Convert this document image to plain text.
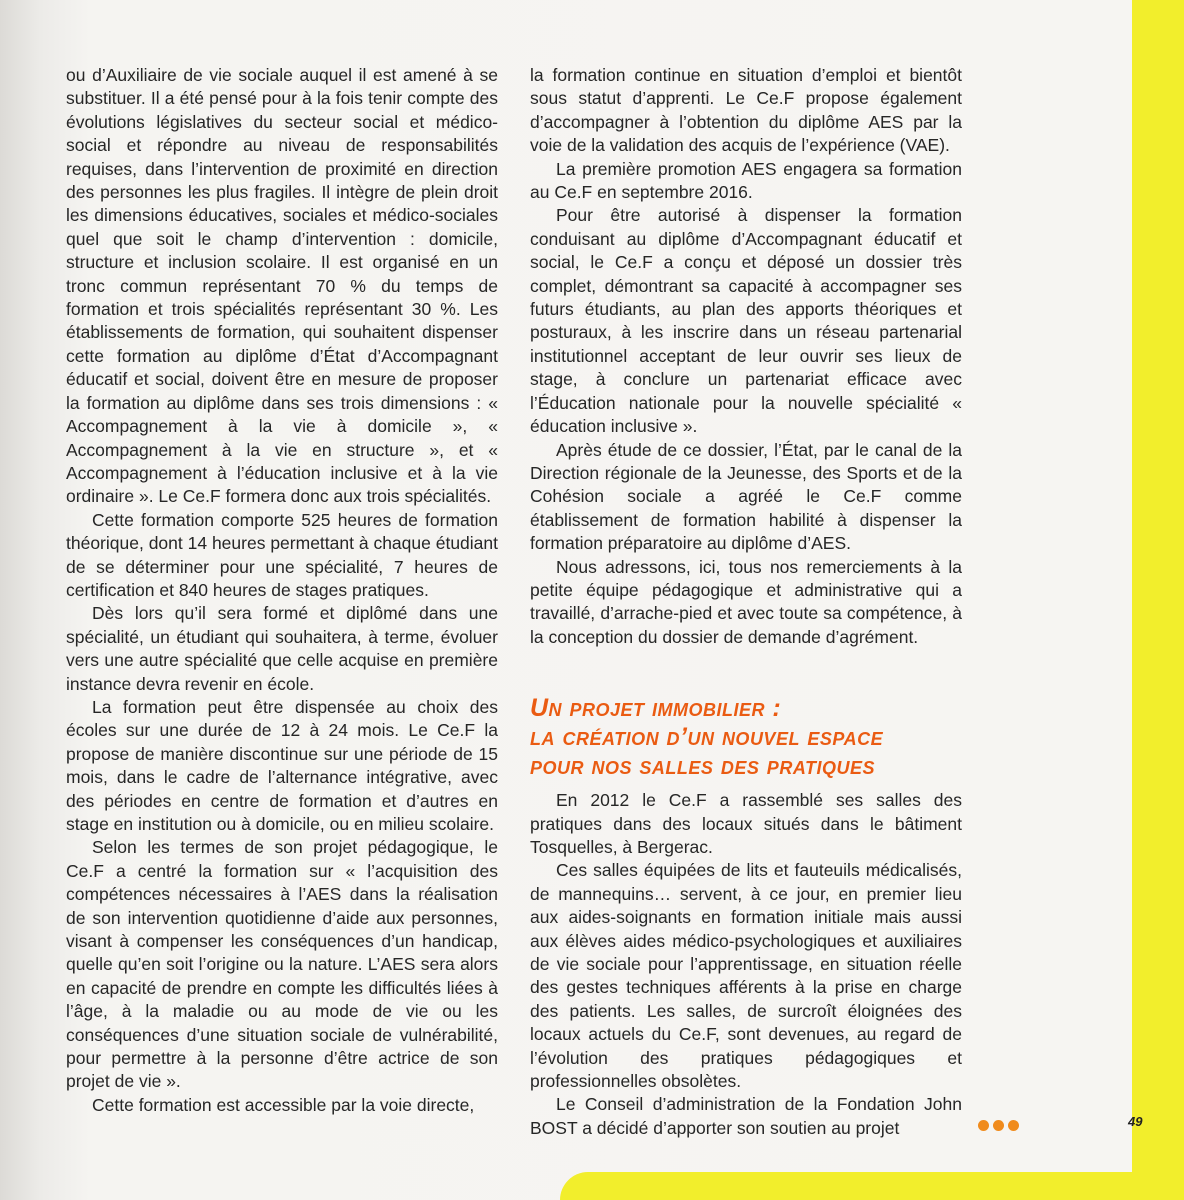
ou d’Auxiliaire de vie sociale auquel il est amené à se substituer. Il a été pensé pour à la fois tenir compte des évolutions législatives du secteur social et médico-social et répondre au niveau de responsabilités requises, dans l’intervention de proximité en direction des personnes les plus fragiles. Il intègre de plein droit les dimensions éducatives, sociales et médico-sociales quel que soit le champ d’intervention : domicile, structure et inclusion scolaire. Il est organisé en un tronc commun représentant 70 % du temps de formation et trois spécialités représentant 30 %. Les établissements de formation, qui souhaitent dispenser cette formation au diplôme d’État d’Accompagnant éducatif et social, doivent être en mesure de proposer la formation au diplôme dans ses trois dimensions : « Accompagnement à la vie à domicile », « Accompagnement à la vie en structure », et « Accompagnement à l’éducation inclusive et à la vie ordinaire ». Le Ce.F formera donc aux trois spécialités.

Cette formation comporte 525 heures de formation théorique, dont 14 heures permettant à chaque étudiant de se déterminer pour une spécialité, 7 heures de certification et 840 heures de stages pratiques.

Dès lors qu’il sera formé et diplômé dans une spécialité, un étudiant qui souhaitera, à terme, évoluer vers une autre spécialité que celle acquise en première instance devra revenir en école.

La formation peut être dispensée au choix des écoles sur une durée de 12 à 24 mois. Le Ce.F la propose de manière discontinue sur une période de 15 mois, dans le cadre de l’alternance intégrative, avec des périodes en centre de formation et d’autres en stage en institution ou à domicile, ou en milieu scolaire.

Selon les termes de son projet pédagogique, le Ce.F a centré la formation sur « l’acquisition des compétences nécessaires à l’AES dans la réalisation de son intervention quotidienne d’aide aux personnes, visant à compenser les conséquences d’un handicap, quelle qu’en soit l’origine ou la nature. L’AES sera alors en capacité de prendre en compte les difficultés liées à l’âge, à la maladie ou au mode de vie ou les conséquences d’une situation sociale de vulnérabilité, pour permettre à la personne d’être actrice de son projet de vie ».

Cette formation est accessible par la voie directe,

la formation continue en situation d’emploi et bientôt sous statut d’apprenti. Le Ce.F propose également d’accompagner à l’obtention du diplôme AES par la voie de la validation des acquis de l’expérience (VAE).

La première promotion AES engagera sa formation au Ce.F en septembre 2016.

Pour être autorisé à dispenser la formation conduisant au diplôme d’Accompagnant éducatif et social, le Ce.F a conçu et déposé un dossier très complet, démontrant sa capacité à accompagner ses futurs étudiants, au plan des apports théoriques et posturaux, à les inscrire dans un réseau partenarial institutionnel acceptant de leur ouvrir ses lieux de stage, à conclure un partenariat efficace avec l’Éducation nationale pour la nouvelle spécialité « éducation inclusive ».

Après étude de ce dossier, l’État, par le canal de la Direction régionale de la Jeunesse, des Sports et de la Cohésion sociale a agréé le Ce.F comme établissement de formation habilité à dispenser la formation préparatoire au diplôme d’AES.

Nous adressons, ici, tous nos remerciements à la petite équipe pédagogique et administrative qui a travaillé, d’arrache-pied et avec toute sa compétence, à la conception du dossier de demande d’agrément.

Un projet immobilier :
la création d’un nouvel espace
pour nos salles des pratiques

En 2012 le Ce.F a rassemblé ses salles des pratiques dans des locaux situés dans le bâtiment Tosquelles, à Bergerac.

Ces salles équipées de lits et fauteuils médicalisés, de mannequins… servent, à ce jour, en premier lieu aux aides-soignants en formation initiale mais aussi aux élèves aides médico-psychologiques et auxiliaires de vie sociale pour l’apprentissage, en situation réelle des gestes techniques afférents à la prise en charge des patients. Les salles, de surcroît éloignées des locaux actuels du Ce.F, sont devenues, au regard de l’évolution des pratiques pédagogiques et professionnelles obsolètes.

Le Conseil d’administration de la Fondation John BOST a décidé d’apporter son soutien au projet	49
